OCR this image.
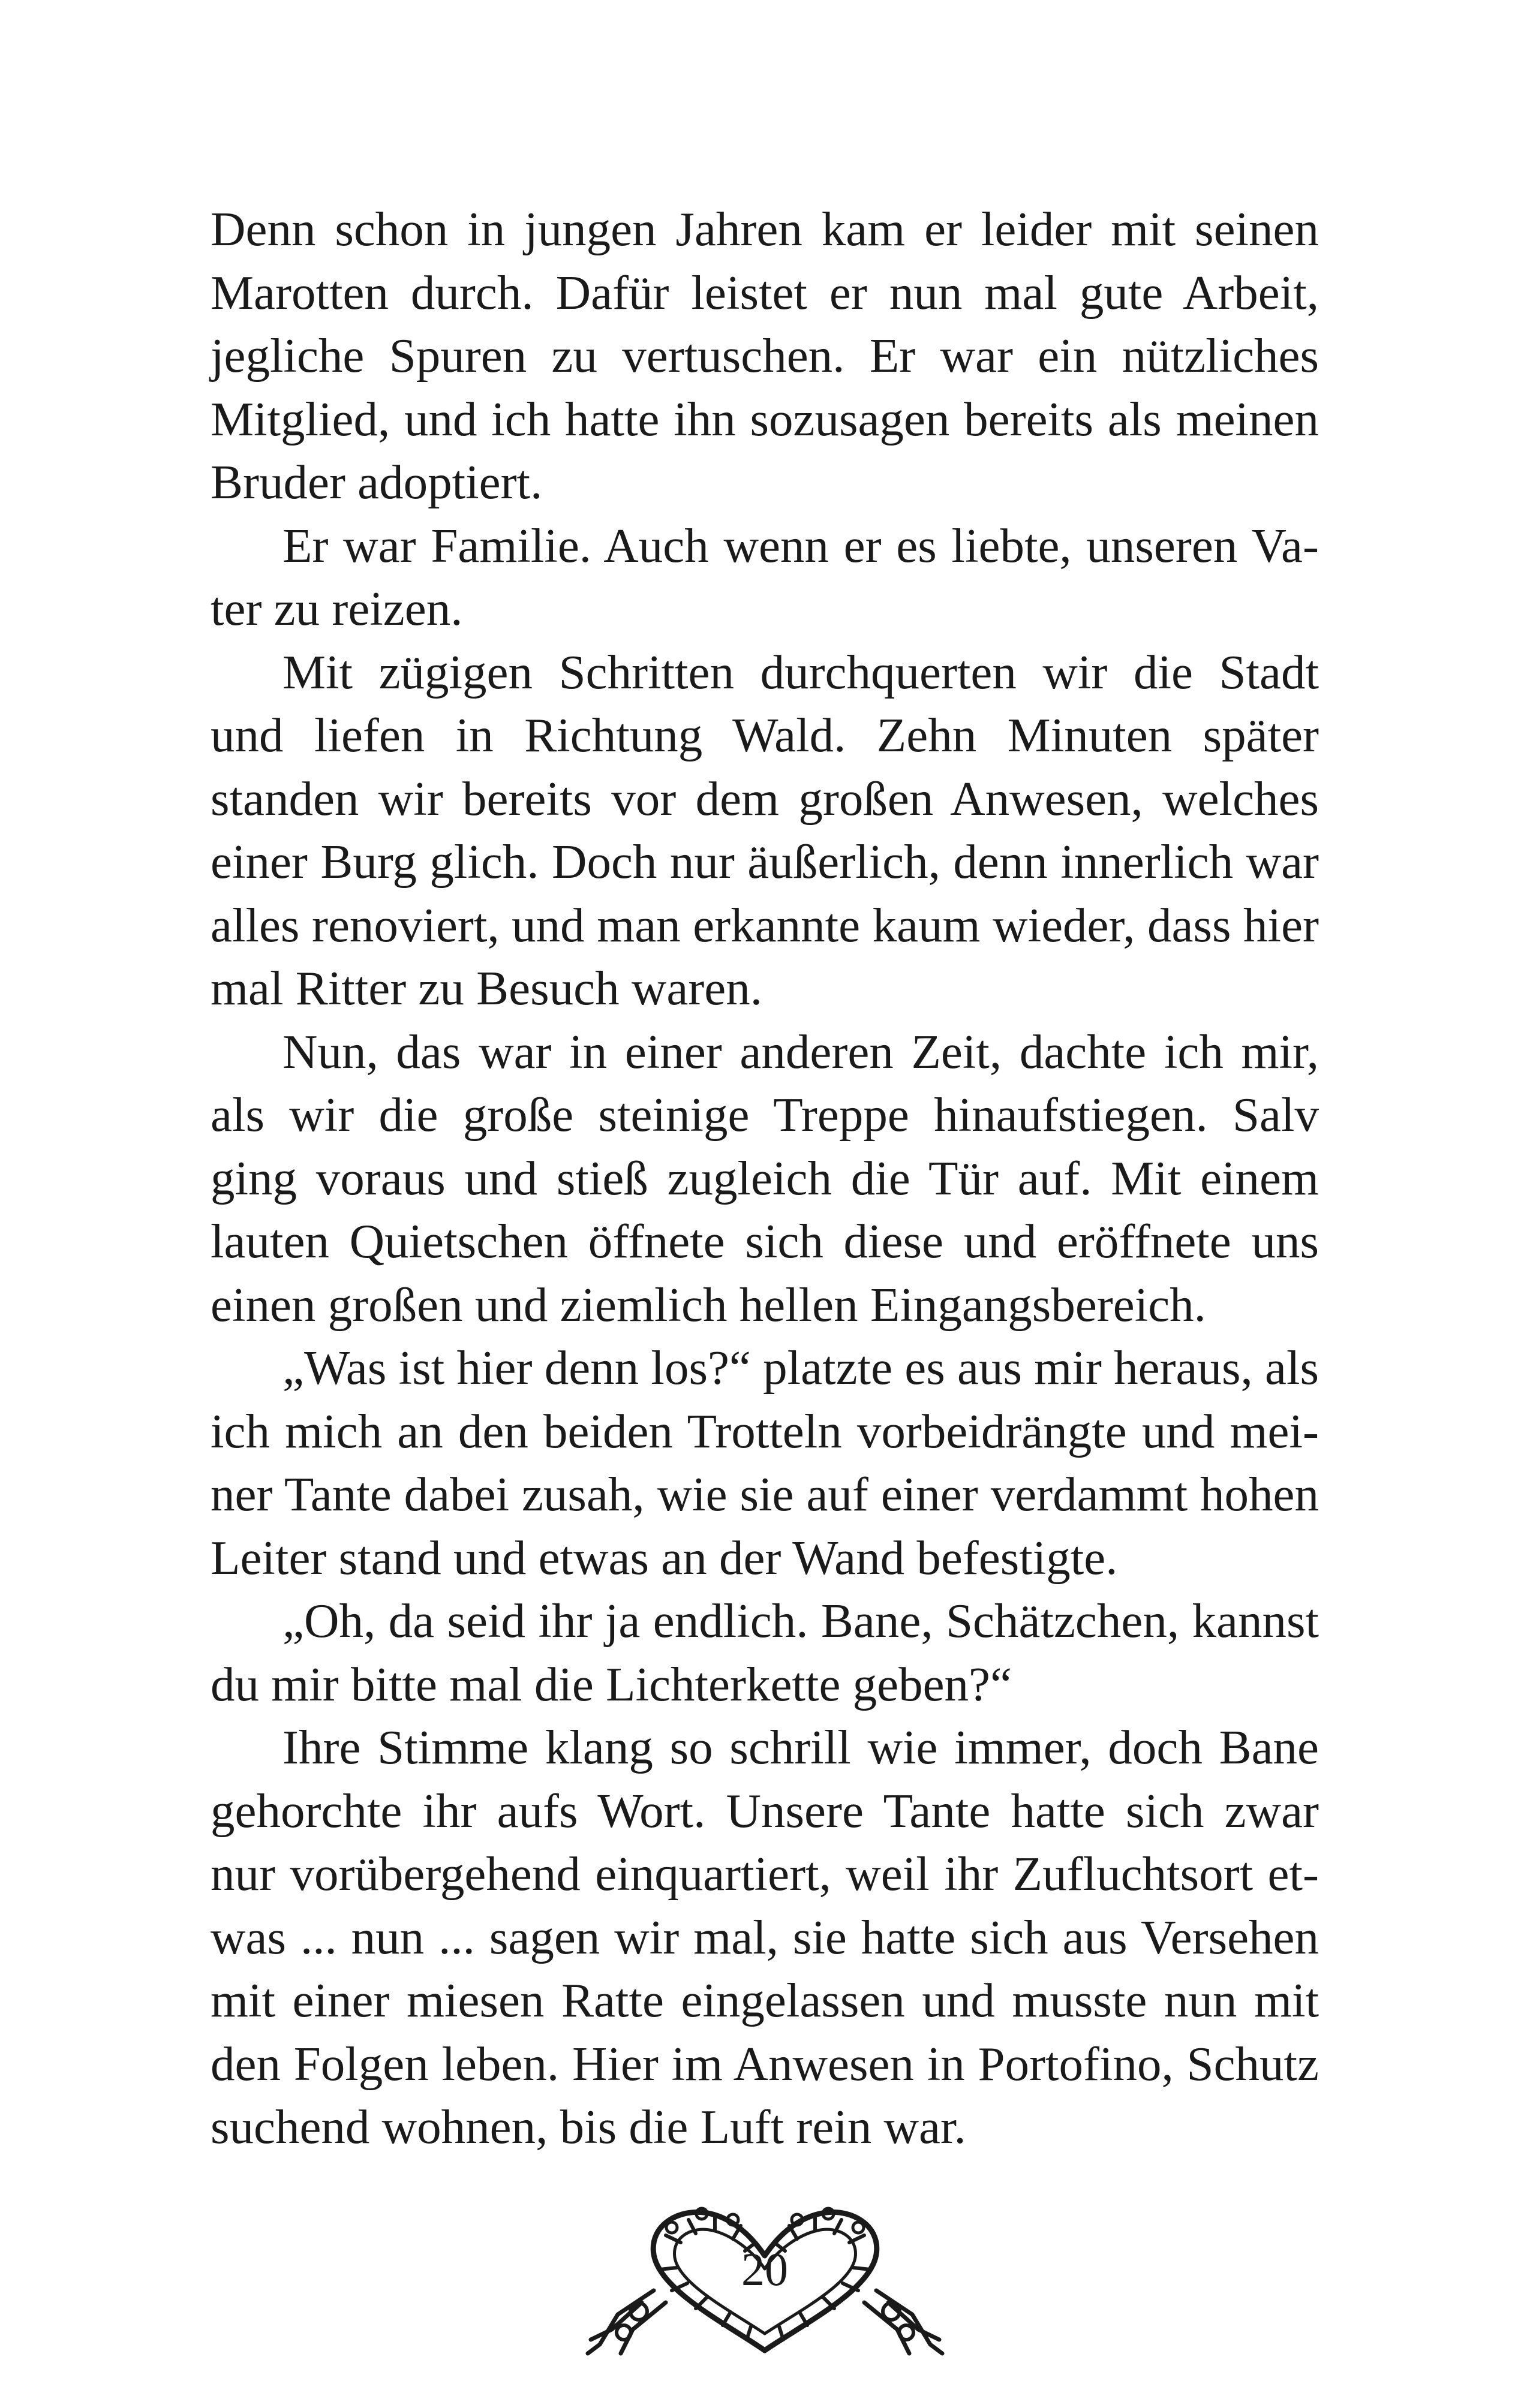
Denn schon in jungen Jahren kam er leider mit seinen Marotten durch. Dafür leistet er nun mal gute Arbeit, jegliche Spuren zu vertuschen. Er war ein nützliches Mitglied, und ich hatte ihn sozusagen bereits als meinen Bruder adoptiert.

Er war Familie. Auch wenn er es liebte, unseren Vater zu reizen.

Mit zügigen Schritten durchquerten wir die Stadt und liefen in Richtung Wald. Zehn Minuten später standen wir bereits vor dem großen Anwesen, welches einer Burg glich. Doch nur äußerlich, denn innerlich war alles renoviert, und man erkannte kaum wieder, dass hier mal Ritter zu Besuch waren.

Nun, das war in einer anderen Zeit, dachte ich mir, als wir die große steinige Treppe hinaufstiegen. Salv ging voraus und stieß zugleich die Tür auf. Mit einem lauten Quietschen öffnete sich diese und eröffnete uns einen großen und ziemlich hellen Eingangsbereich.

„Was ist hier denn los?“ platzte es aus mir heraus, als ich mich an den beiden Trotteln vorbeidrängte und meiner Tante dabei zusah, wie sie auf einer verdammt hohen Leiter stand und etwas an der Wand befestigte.

„Oh, da seid ihr ja endlich. Bane, Schätzchen, kannst du mir bitte mal die Lichterkette geben?“

Ihre Stimme klang so schrill wie immer, doch Bane gehorchte ihr aufs Wort. Unsere Tante hatte sich zwar nur vorübergehend einquartiert, weil ihr Zufluchtsort etwas ... nun ... sagen wir mal, sie hatte sich aus Versehen mit einer miesen Ratte eingelassen und musste nun mit den Folgen leben. Hier im Anwesen in Portofino, Schutz suchend wohnen, bis die Luft rein war.

20
